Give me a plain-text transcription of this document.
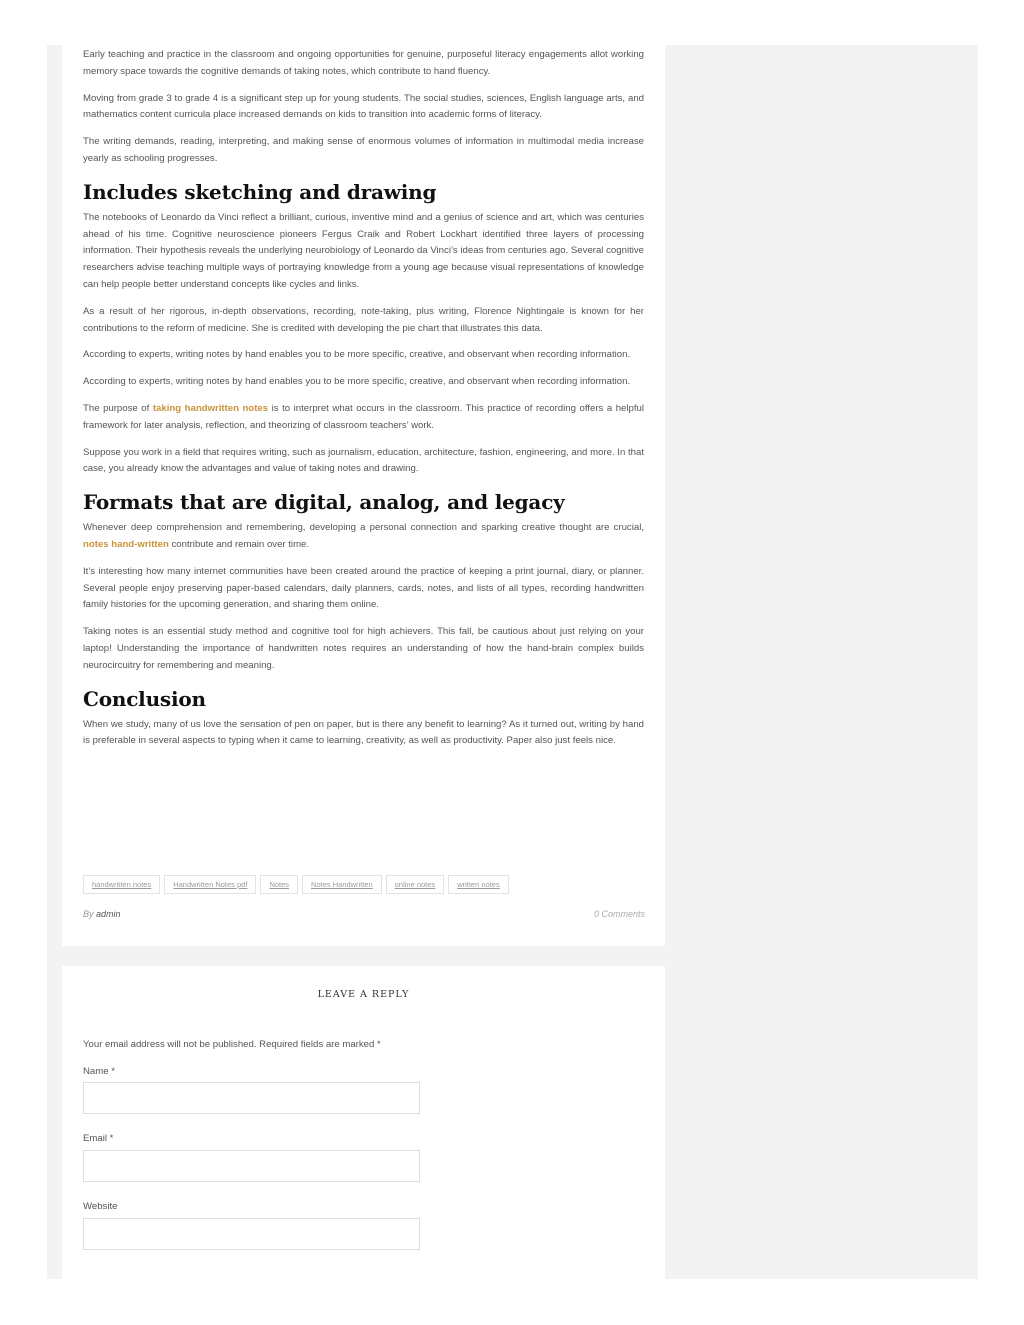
Early teaching and practice in the classroom and ongoing opportunities for genuine, purposeful literacy engagements allot working memory space towards the cognitive demands of taking notes, which contribute to hand fluency.

Moving from grade 3 to grade 4 is a significant step up for young students. The social studies, sciences, English language arts, and mathematics content curricula place increased demands on kids to transition into academic forms of literacy.

The writing demands, reading, interpreting, and making sense of enormous volumes of information in multimodal media increase yearly as schooling progresses.

Includes sketching and drawing

The notebooks of Leonardo da Vinci reflect a brilliant, curious, inventive mind and a genius of science and art, which was centuries ahead of his time. Cognitive neuroscience pioneers Fergus Craik and Robert Lockhart identified three layers of processing information. Their hypothesis reveals the underlying neurobiology of Leonardo da Vinci’s ideas from centuries ago. Several cognitive researchers advise teaching multiple ways of portraying knowledge from a young age because visual representations of knowledge can help people better understand concepts like cycles and links.

As a result of her rigorous, in-depth observations, recording, note-taking, plus writing, Florence Nightingale is known for her contributions to the reform of medicine. She is credited with developing the pie chart that illustrates this data.

According to experts, writing notes by hand enables you to be more specific, creative, and observant when recording information.

According to experts, writing notes by hand enables you to be more specific, creative, and observant when recording information.

The purpose of taking handwritten notes is to interpret what occurs in the classroom. This practice of recording offers a helpful framework for later analysis, reflection, and theorizing of classroom teachers’ work.

Suppose you work in a field that requires writing, such as journalism, education, architecture, fashion, engineering, and more. In that case, you already know the advantages and value of taking notes and drawing.

Formats that are digital, analog, and legacy

Whenever deep comprehension and remembering, developing a personal connection and sparking creative thought are crucial, notes hand-written contribute and remain over time.

It’s interesting how many internet communities have been created around the practice of keeping a print journal, diary, or planner. Several people enjoy preserving paper-based calendars, daily planners, cards, notes, and lists of all types, recording handwritten family histories for the upcoming generation, and sharing them online.

Taking notes is an essential study method and cognitive tool for high achievers. This fall, be cautious about just relying on your laptop! Understanding the importance of handwritten notes requires an understanding of how the hand-brain complex builds neurocircuitry for remembering and meaning.

Conclusion

When we study, many of us love the sensation of pen on paper, but is there any benefit to learning? As it turned out, writing by hand is preferable in several aspects to typing when it came to learning, creativity, as well as productivity. Paper also just feels nice.

handwritten notes	Handwritten Notes pdf	Notes	Notes Handwritten	online notes	written notes
By admin	0 Comments
LEAVE A REPLY
Your email address will not be published. Required fields are marked *
Name *
Email *
Website
